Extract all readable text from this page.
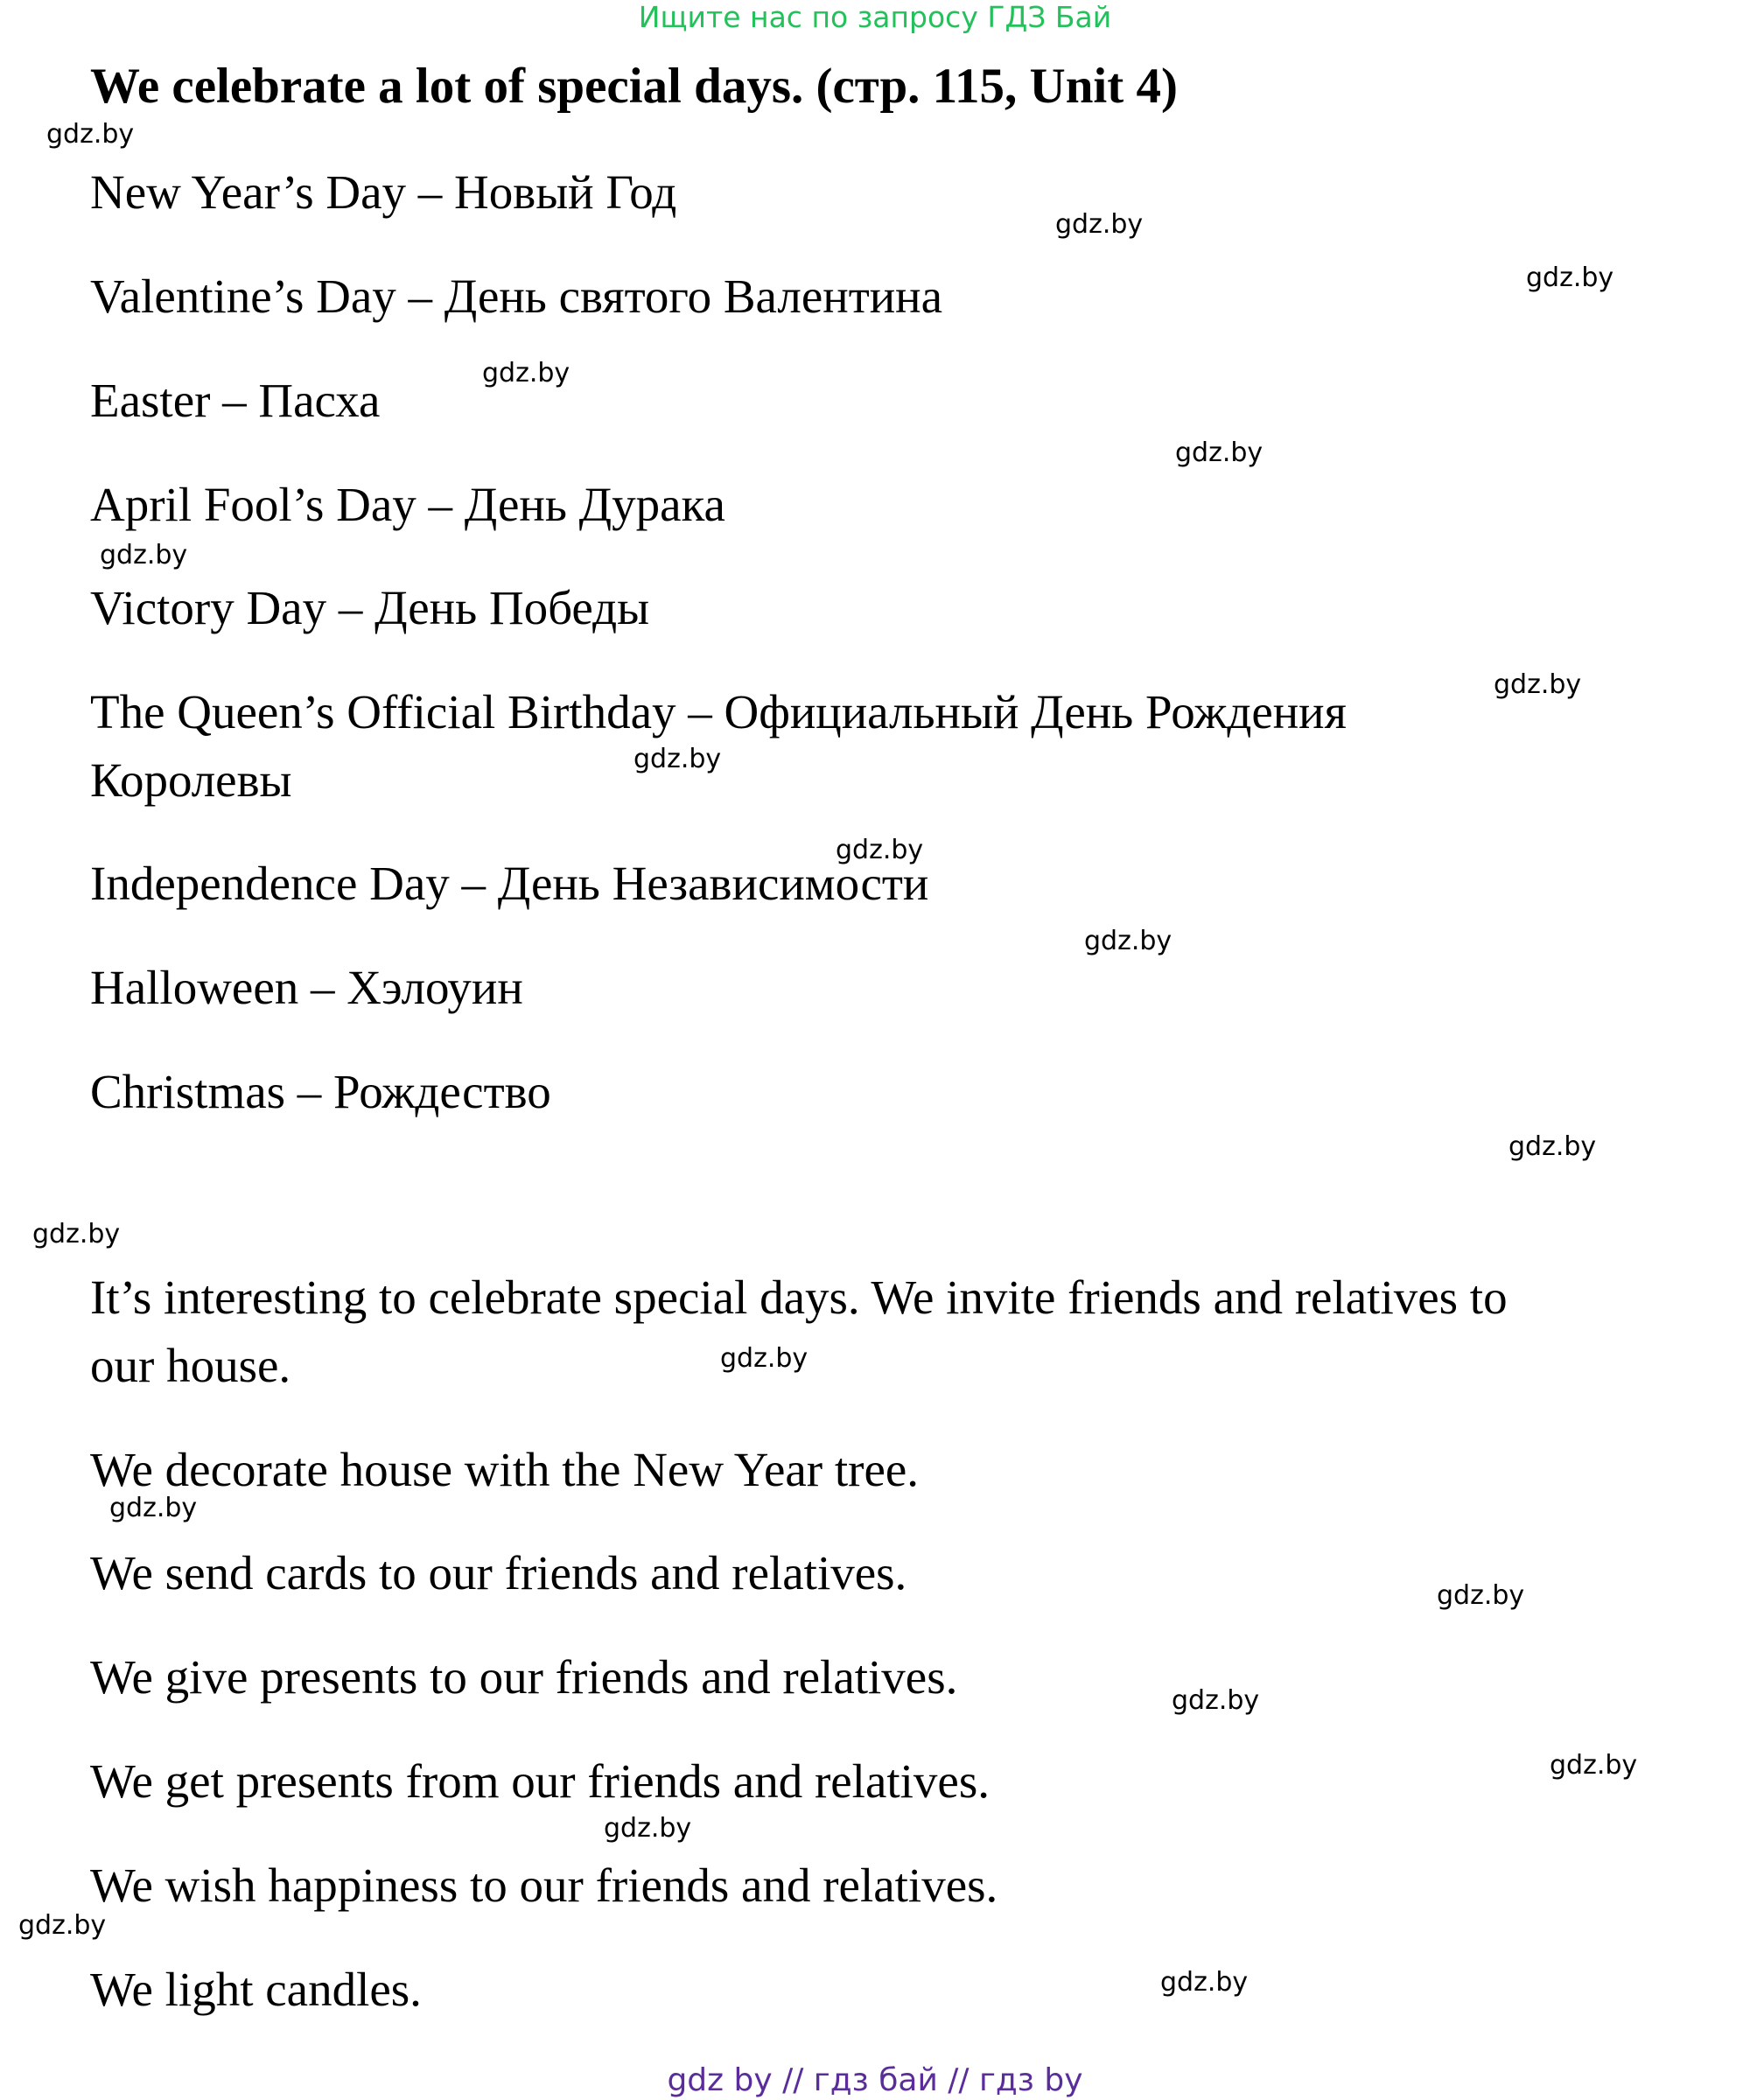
Ищите нас по запросу ГДЗ Бай
We celebrate a lot of special days. (стр. 115, Unit 4)
New Year’s Day – Новый Год
Valentine’s Day – День святого Валентина
Easter – Пасха
April Fool’s Day – День Дурака
Victory Day – День Победы
The Queen’s Official Birthday – Официальный День Рождения
Королевы
Independence Day – День Независимости
Halloween – Хэлоуин
Christmas – Рождество
It’s interesting to celebrate special days. We invite friends and relatives to
our house.
We decorate house with the New Year tree.
We send cards to our friends and relatives.
We give presents to our friends and relatives.
We get presents from our friends and relatives.
We wish happiness to our friends and relatives.
We light candles.
gdz.by
gdz.by
gdz.by
gdz.by
gdz.by
gdz.by
gdz.by
gdz.by
gdz.by
gdz.by
gdz.by
gdz.by
gdz.by
gdz.by
gdz.by
gdz.by
gdz.by
gdz.by
gdz.by
gdz.by
gdz by // гдз бай // гдз by
